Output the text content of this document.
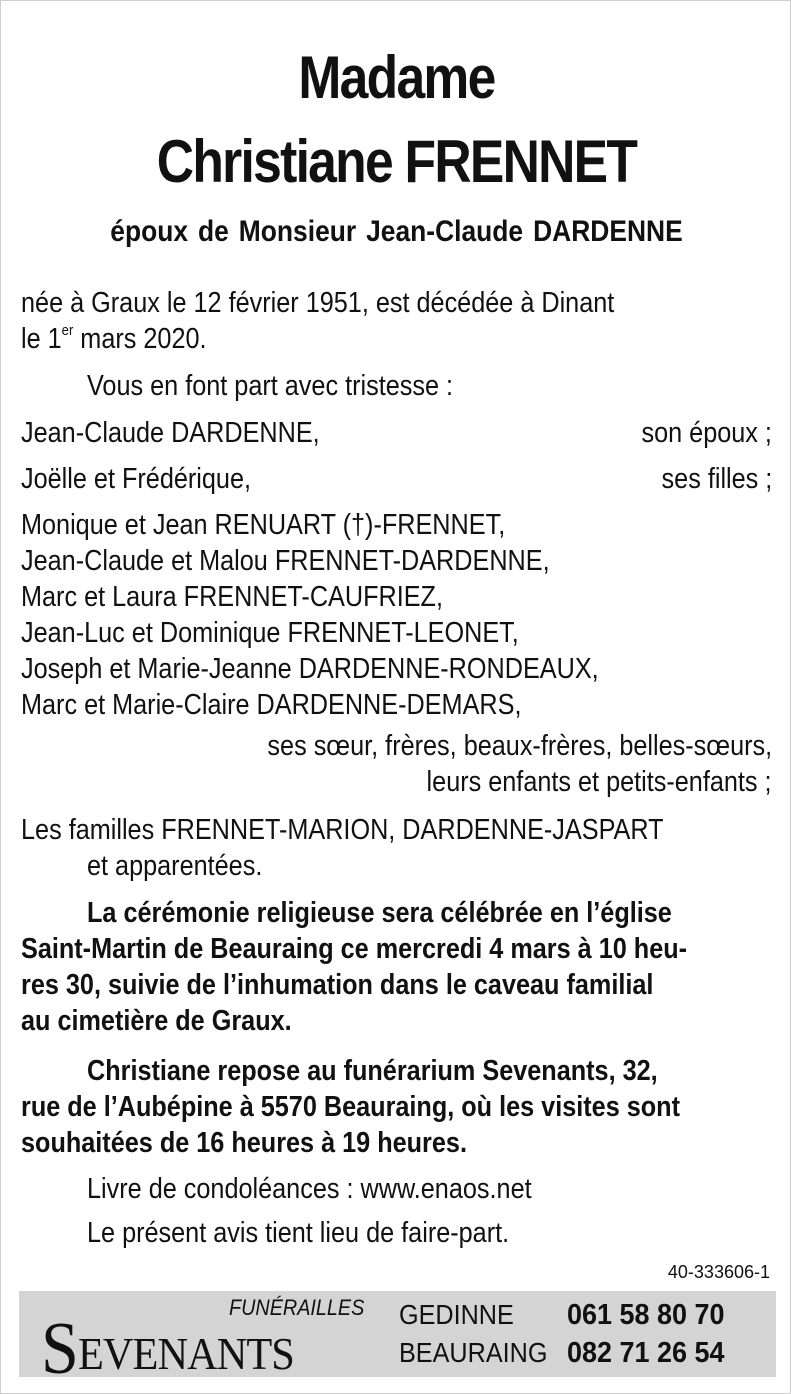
Madame
Christiane FRENNET
époux de Monsieur Jean-Claude DARDENNE
née à Graux le 12 février 1951, est décédée à Dinant
le 1er mars 2020.
Vous en font part avec tristesse :
Jean-Claude DARDENNE,	son époux ;
Joëlle et Frédérique,	ses filles ;
Monique et Jean RENUART (†)-FRENNET,
Jean-Claude et Malou FRENNET-DARDENNE,
Marc et Laura FRENNET-CAUFRIEZ,
Jean-Luc et Dominique FRENNET-LEONET,
Joseph et Marie-Jeanne DARDENNE-RONDEAUX,
Marc et Marie-Claire DARDENNE-DEMARS,
ses sœur, frères, beaux-frères, belles-sœurs,
leurs enfants et petits-enfants ;
Les familles FRENNET-MARION, DARDENNE-JASPART
et apparentées.
La cérémonie religieuse sera célébrée en l’église
Saint-Martin de Beauraing ce mercredi 4 mars à 10 heu-
res 30, suivie de l’inhumation dans le caveau familial
au cimetière de Graux.
Christiane repose au funérarium Sevenants, 32,
rue de l’Aubépine à 5570 Beauraing, où les visites sont
souhaitées de 16 heures à 19 heures.
Livre de condoléances : www.enaos.net
Le présent avis tient lieu de faire-part.
40-333606-1
FUNÉRAILLES
SEVENANTS
GEDINNE 061 58 80 70
BEAURAING 082 71 26 54
